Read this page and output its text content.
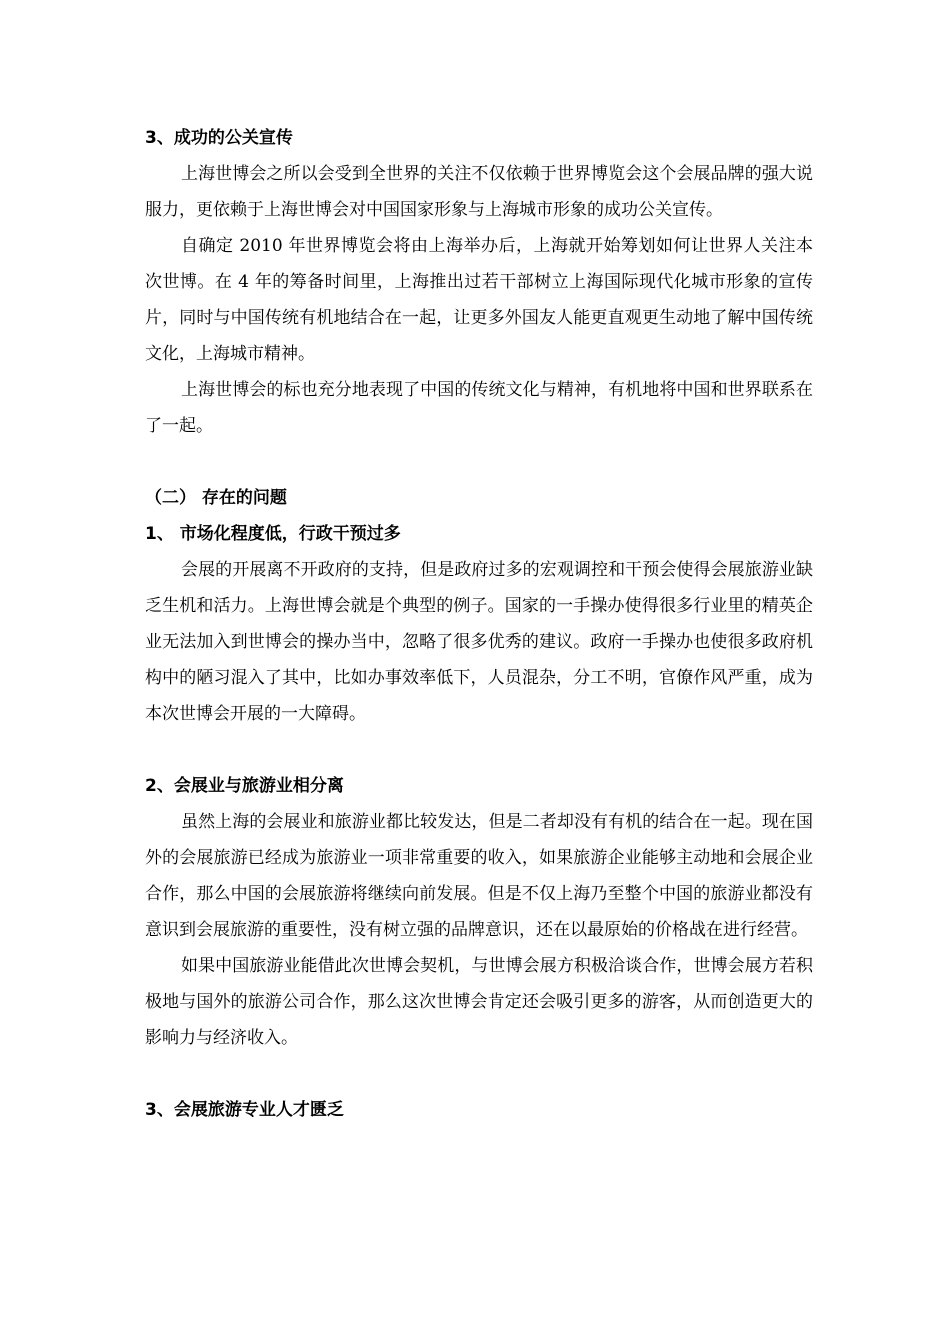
3、成功的公关宣传

上海世博会之所以会受到全世界的关注不仅依赖于世界博览会这个会展品牌的强大说服力，更依赖于上海世博会对中国国家形象与上海城市形象的成功公关宣传。

自确定 2010 年世界博览会将由上海举办后，上海就开始筹划如何让世界人关注本次世博。在 4 年的筹备时间里，上海推出过若干部树立上海国际现代化城市形象的宣传片，同时与中国传统有机地结合在一起，让更多外国友人能更直观更生动地了解中国传统文化，上海城市精神。

上海世博会的标也充分地表现了中国的传统文化与精神，有机地将中国和世界联系在了一起。

（二） 存在的问题

1、 市场化程度低，行政干预过多

会展的开展离不开政府的支持，但是政府过多的宏观调控和干预会使得会展旅游业缺乏生机和活力。上海世博会就是个典型的例子。国家的一手操办使得很多行业里的精英企业无法加入到世博会的操办当中，忽略了很多优秀的建议。政府一手操办也使很多政府机构中的陋习混入了其中，比如办事效率低下，人员混杂，分工不明，官僚作风严重，成为本次世博会开展的一大障碍。

2、会展业与旅游业相分离

虽然上海的会展业和旅游业都比较发达，但是二者却没有有机的结合在一起。现在国外的会展旅游已经成为旅游业一项非常重要的收入，如果旅游企业能够主动地和会展企业合作，那么中国的会展旅游将继续向前发展。但是不仅上海乃至整个中国的旅游业都没有意识到会展旅游的重要性，没有树立强的品牌意识，还在以最原始的价格战在进行经营。

如果中国旅游业能借此次世博会契机，与世博会展方积极洽谈合作，世博会展方若积极地与国外的旅游公司合作，那么这次世博会肯定还会吸引更多的游客，从而创造更大的影响力与经济收入。

3、会展旅游专业人才匮乏
